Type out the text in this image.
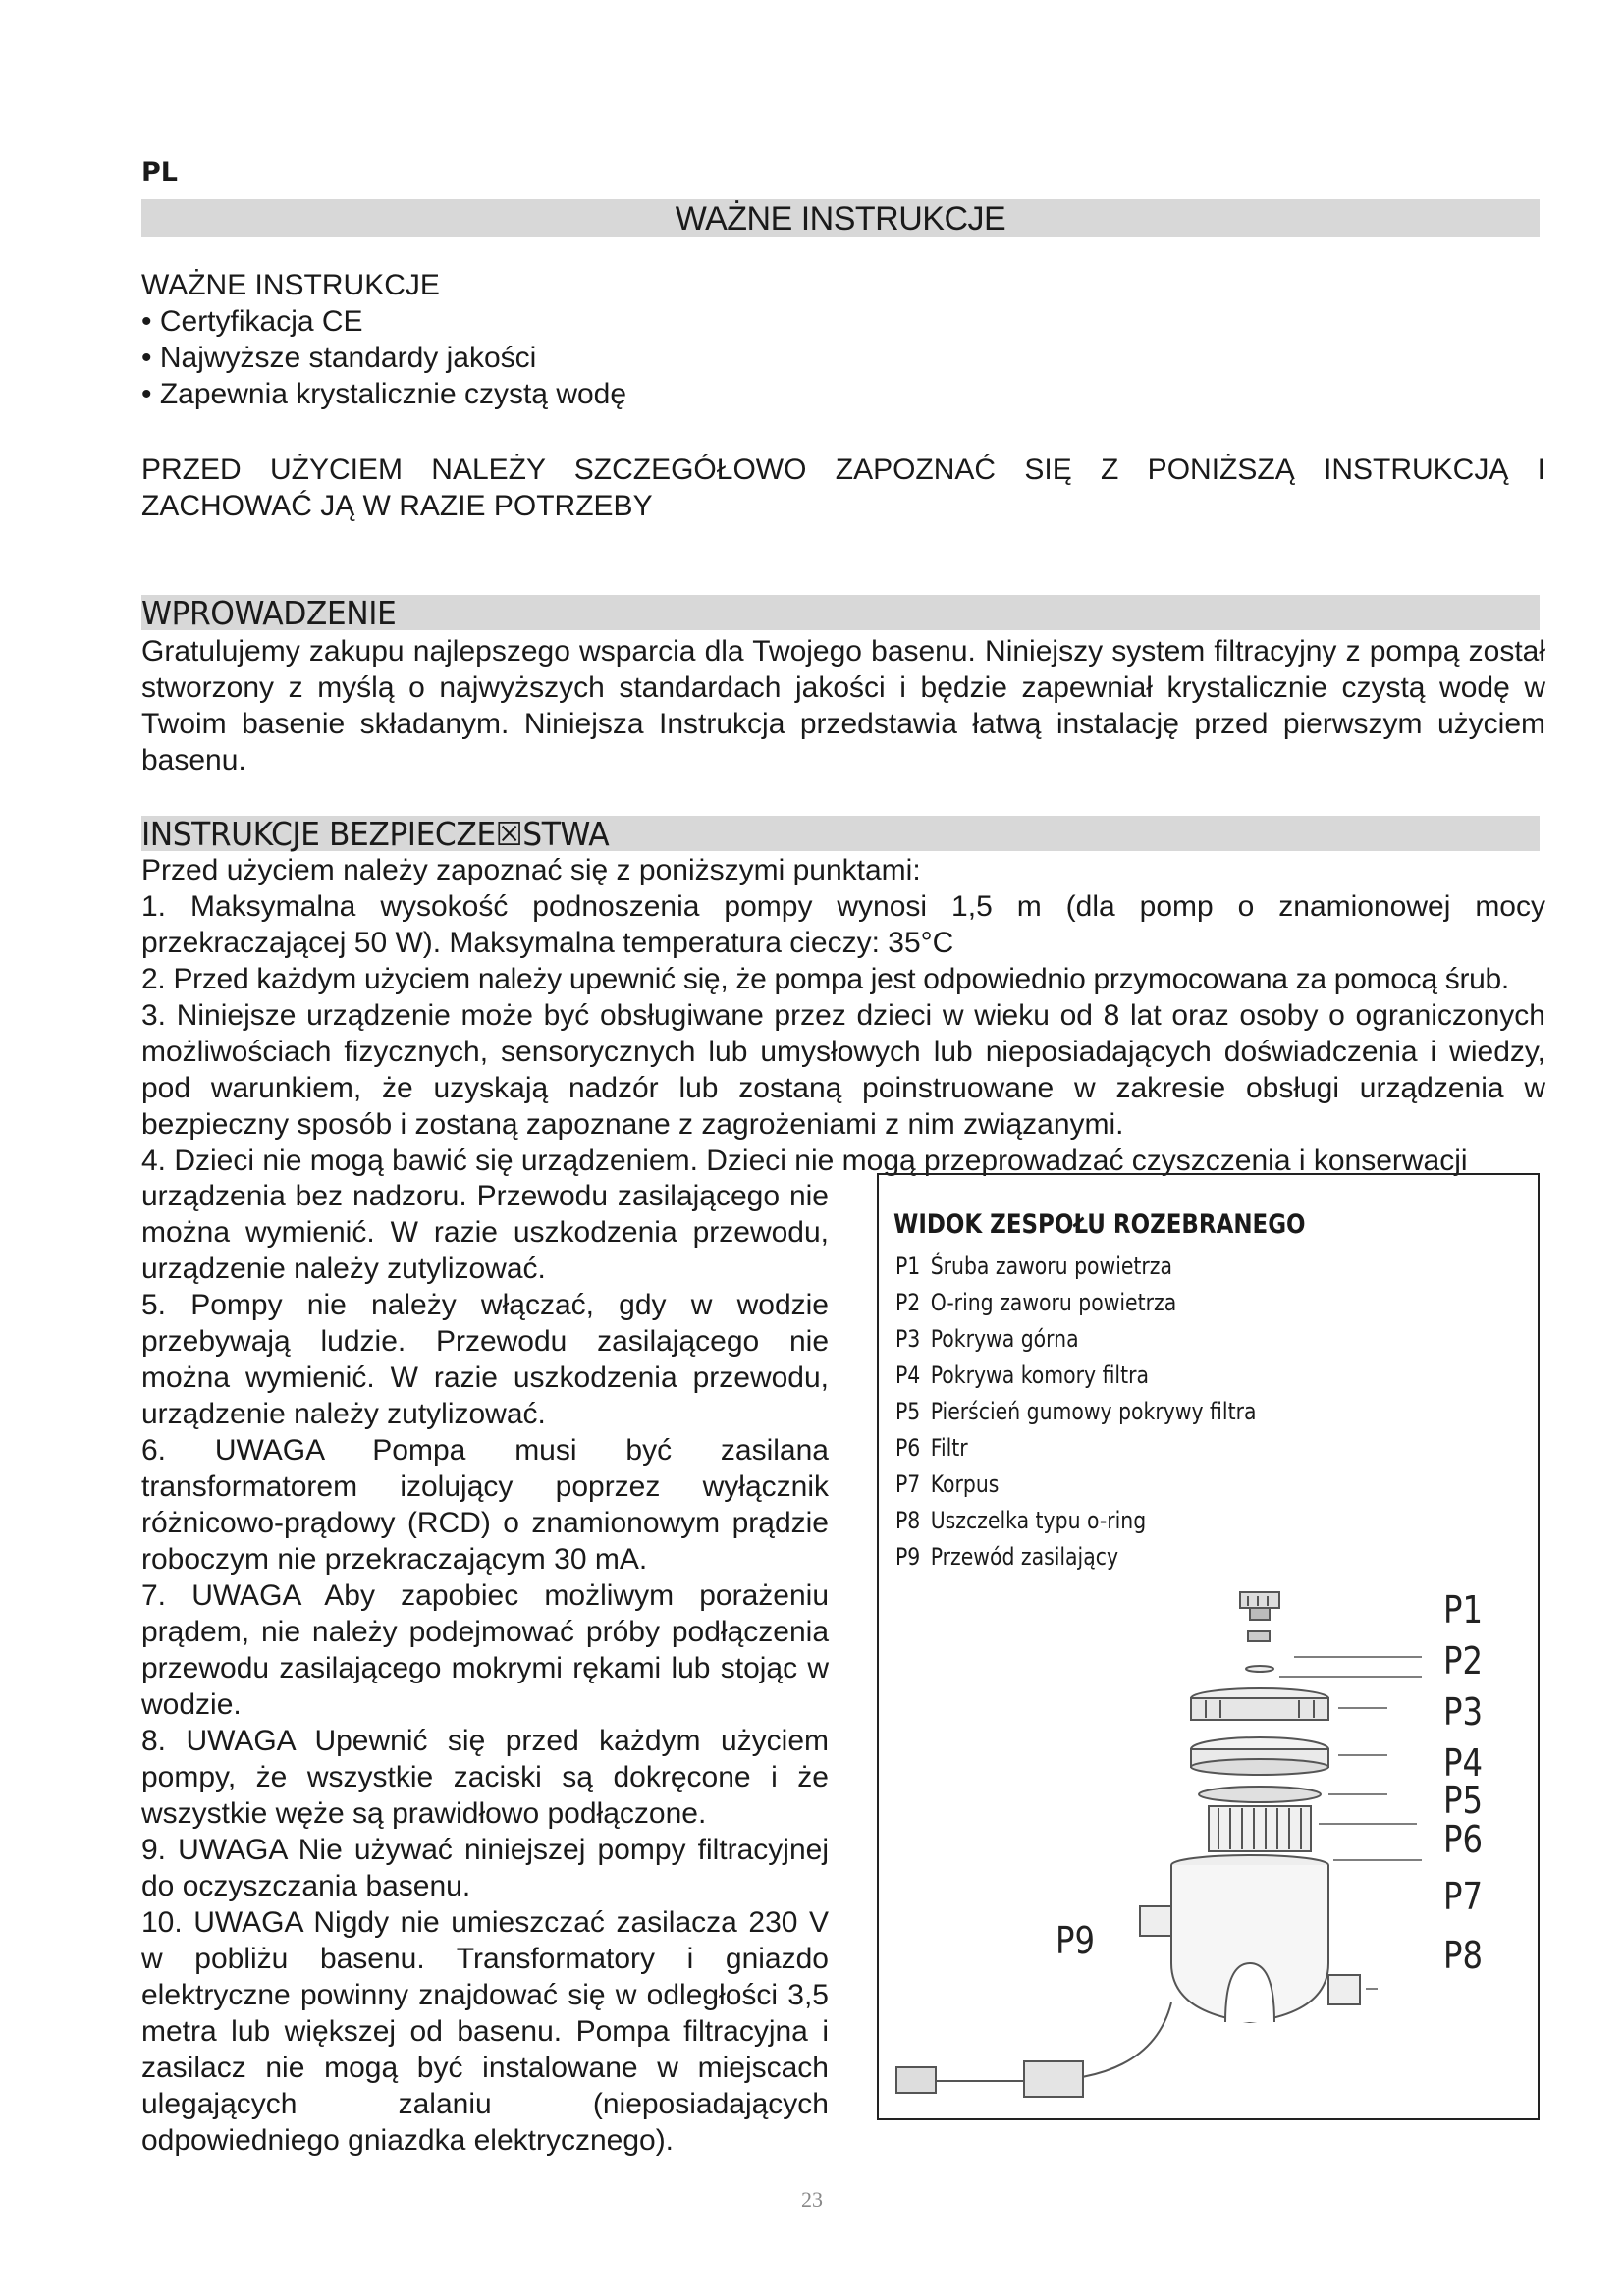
PL
WAŻNE INSTRUKCJE
WAŻNE INSTRUKCJE
• Certyfikacja CE
• Najwyższe standardy jakości
• Zapewnia krystalicznie czystą wodę
PRZED UŻYCIEM NALEŻY SZCZEGÓŁOWO ZAPOZNAĆ SIĘ Z PONIŻSZĄ INSTRUKCJĄ I
ZACHOWAĆ JĄ W RAZIE POTRZEBY
WPROWADZENIE
Gratulujemy zakupu najlepszego wsparcia dla Twojego basenu. Niniejszy system filtracyjny z pompą został stworzony z myślą o najwyższych standardach jakości i będzie zapewniał krystalicznie czystą wodę w Twoim basenie składanym. Niniejsza Instrukcja przedstawia łatwą instalację przed pierwszym użyciem basenu.
INSTRUKCJE BEZPIECZE☒STWA
Przed użyciem należy zapoznać się z poniższymi punktami:
1. Maksymalna wysokość podnoszenia pompy wynosi 1,5 m (dla pomp o znamionowej mocy przekraczającej 50 W). Maksymalna temperatura cieczy: 35°C
2. Przed każdym użyciem należy upewnić się, że pompa jest odpowiednio przymocowana za pomocą śrub.
3. Niniejsze urządzenie może być obsługiwane przez dzieci w wieku od 8 lat oraz osoby o ograniczonych możliwościach fizycznych, sensorycznych lub umysłowych lub nieposiadających doświadczenia i wiedzy, pod warunkiem, że uzyskają nadzór lub zostaną poinstruowane w zakresie obsługi urządzenia w bezpieczny sposób i zostaną zapoznane z zagrożeniami z nim związanymi.
4. Dzieci nie mogą bawić się urządzeniem. Dzieci nie mogą przeprowadzać czyszczenia i konserwacji
urządzenia bez nadzoru. Przewodu zasilającego nie można wymienić. W razie uszkodzenia przewodu, urządzenie należy zutylizować.
5. Pompy nie należy włączać, gdy w wodzie przebywają ludzie. Przewodu zasilającego nie można wymienić. W razie uszkodzenia przewodu, urządzenie należy zutylizować.
6. UWAGA Pompa musi być zasilana transformatorem izolujący poprzez wyłącznik różnicowo-prądowy (RCD) o znamionowym prądzie roboczym nie przekraczającym 30 mA.
7. UWAGA Aby zapobiec możliwym porażeniu prądem, nie należy podejmować próby podłączenia przewodu zasilającego mokrymi rękami lub stojąc w wodzie.
8. UWAGA Upewnić się przed każdym użyciem pompy, że wszystkie zaciski są dokręcone i że wszystkie węże są prawidłowo podłączone.
9. UWAGA Nie używać niniejszej pompy filtracyjnej do oczyszczania basenu.
10. UWAGA Nigdy nie umieszczać zasilacza 230 V w pobliżu basenu. Transformatory i gniazdo elektryczne powinny znajdować się w odległości 3,5 metra lub większej od basenu. Pompa filtracyjna i zasilacz nie mogą być instalowane w miejscach ulegających zalaniu (nieposiadających odpowiedniego gniazdka elektrycznego).
WIDOK ZESPOŁU ROZEBRANEGO
P1 Śruba zaworu powietrza
P2 O-ring zaworu powietrza
P3 Pokrywa górna
P4 Pokrywa komory filtra
P5 Pierścień gumowy pokrywy filtra
P6 Filtr
P7 Korpus
P8 Uszczelka typu o-ring
P9 Przewód zasilający
P1
P2
P3
P4
P5
P6
P7
P8
P9
23
